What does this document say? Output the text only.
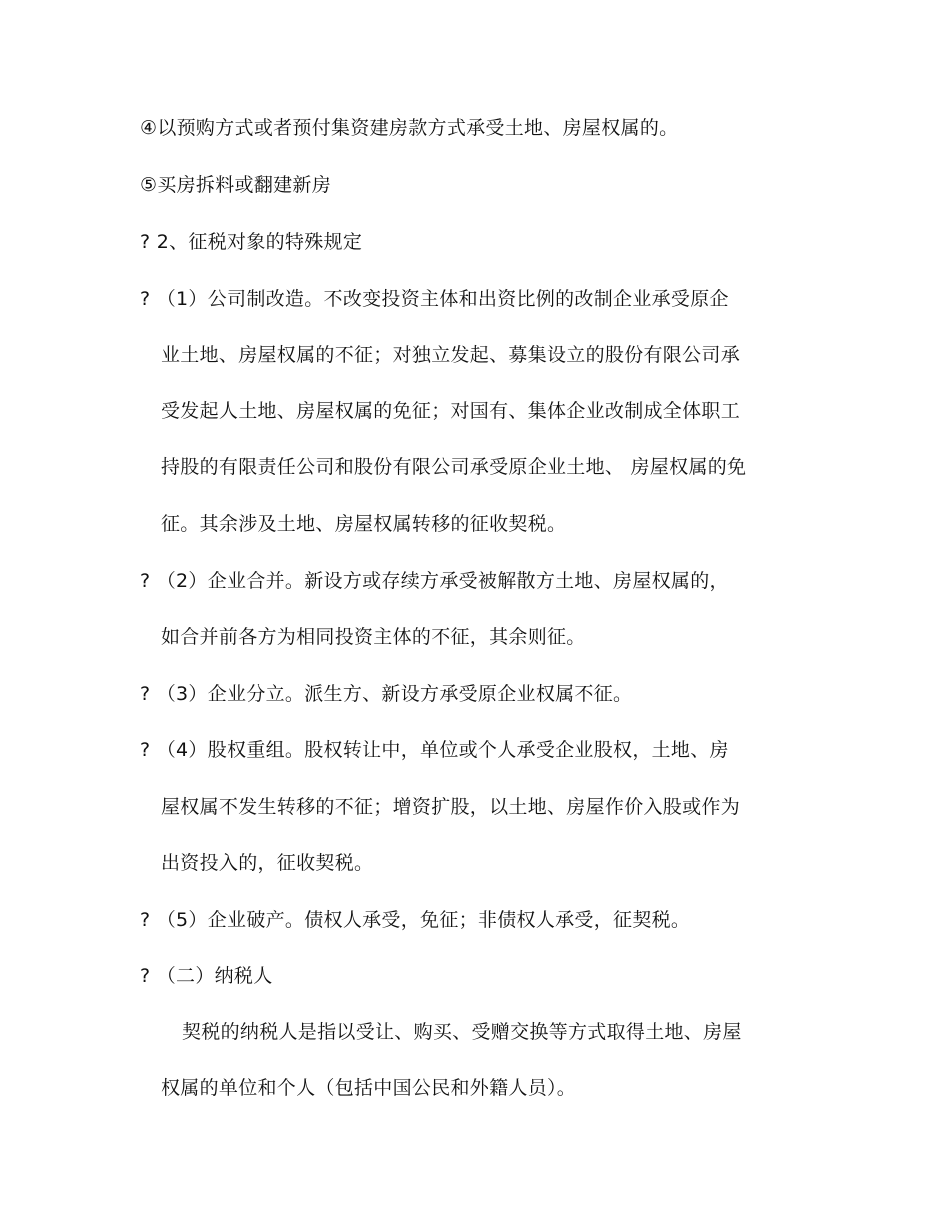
④以预购方式或者预付集资建房款方式承受土地、房屋权属的。
⑤买房拆料或翻建新房
? 2、征税对象的特殊规定
? （1）公司制改造。不改变投资主体和出资比例的改制企业承受原企
业土地、房屋权属的不征；对独立发起、募集设立的股份有限公司承
受发起人土地、房屋权属的免征；对国有、集体企业改制成全体职工
持股的有限责任公司和股份有限公司承受原企业土地、 房屋权属的免
征。其余涉及土地、房屋权属转移的征收契税。
? （2）企业合并。新设方或存续方承受被解散方土地、房屋权属的，
如合并前各方为相同投资主体的不征，其余则征。
? （3）企业分立。派生方、新设方承受原企业权属不征。
? （4）股权重组。股权转让中，单位或个人承受企业股权，土地、房
屋权属不发生转移的不征；增资扩股，以土地、房屋作价入股或作为
出资投入的，征收契税。
? （5）企业破产。债权人承受，免征；非债权人承受，征契税。
? （二）纳税人
契税的纳税人是指以受让、购买、受赠交换等方式取得土地、房屋
权属的单位和个人（包括中国公民和外籍人员）。
